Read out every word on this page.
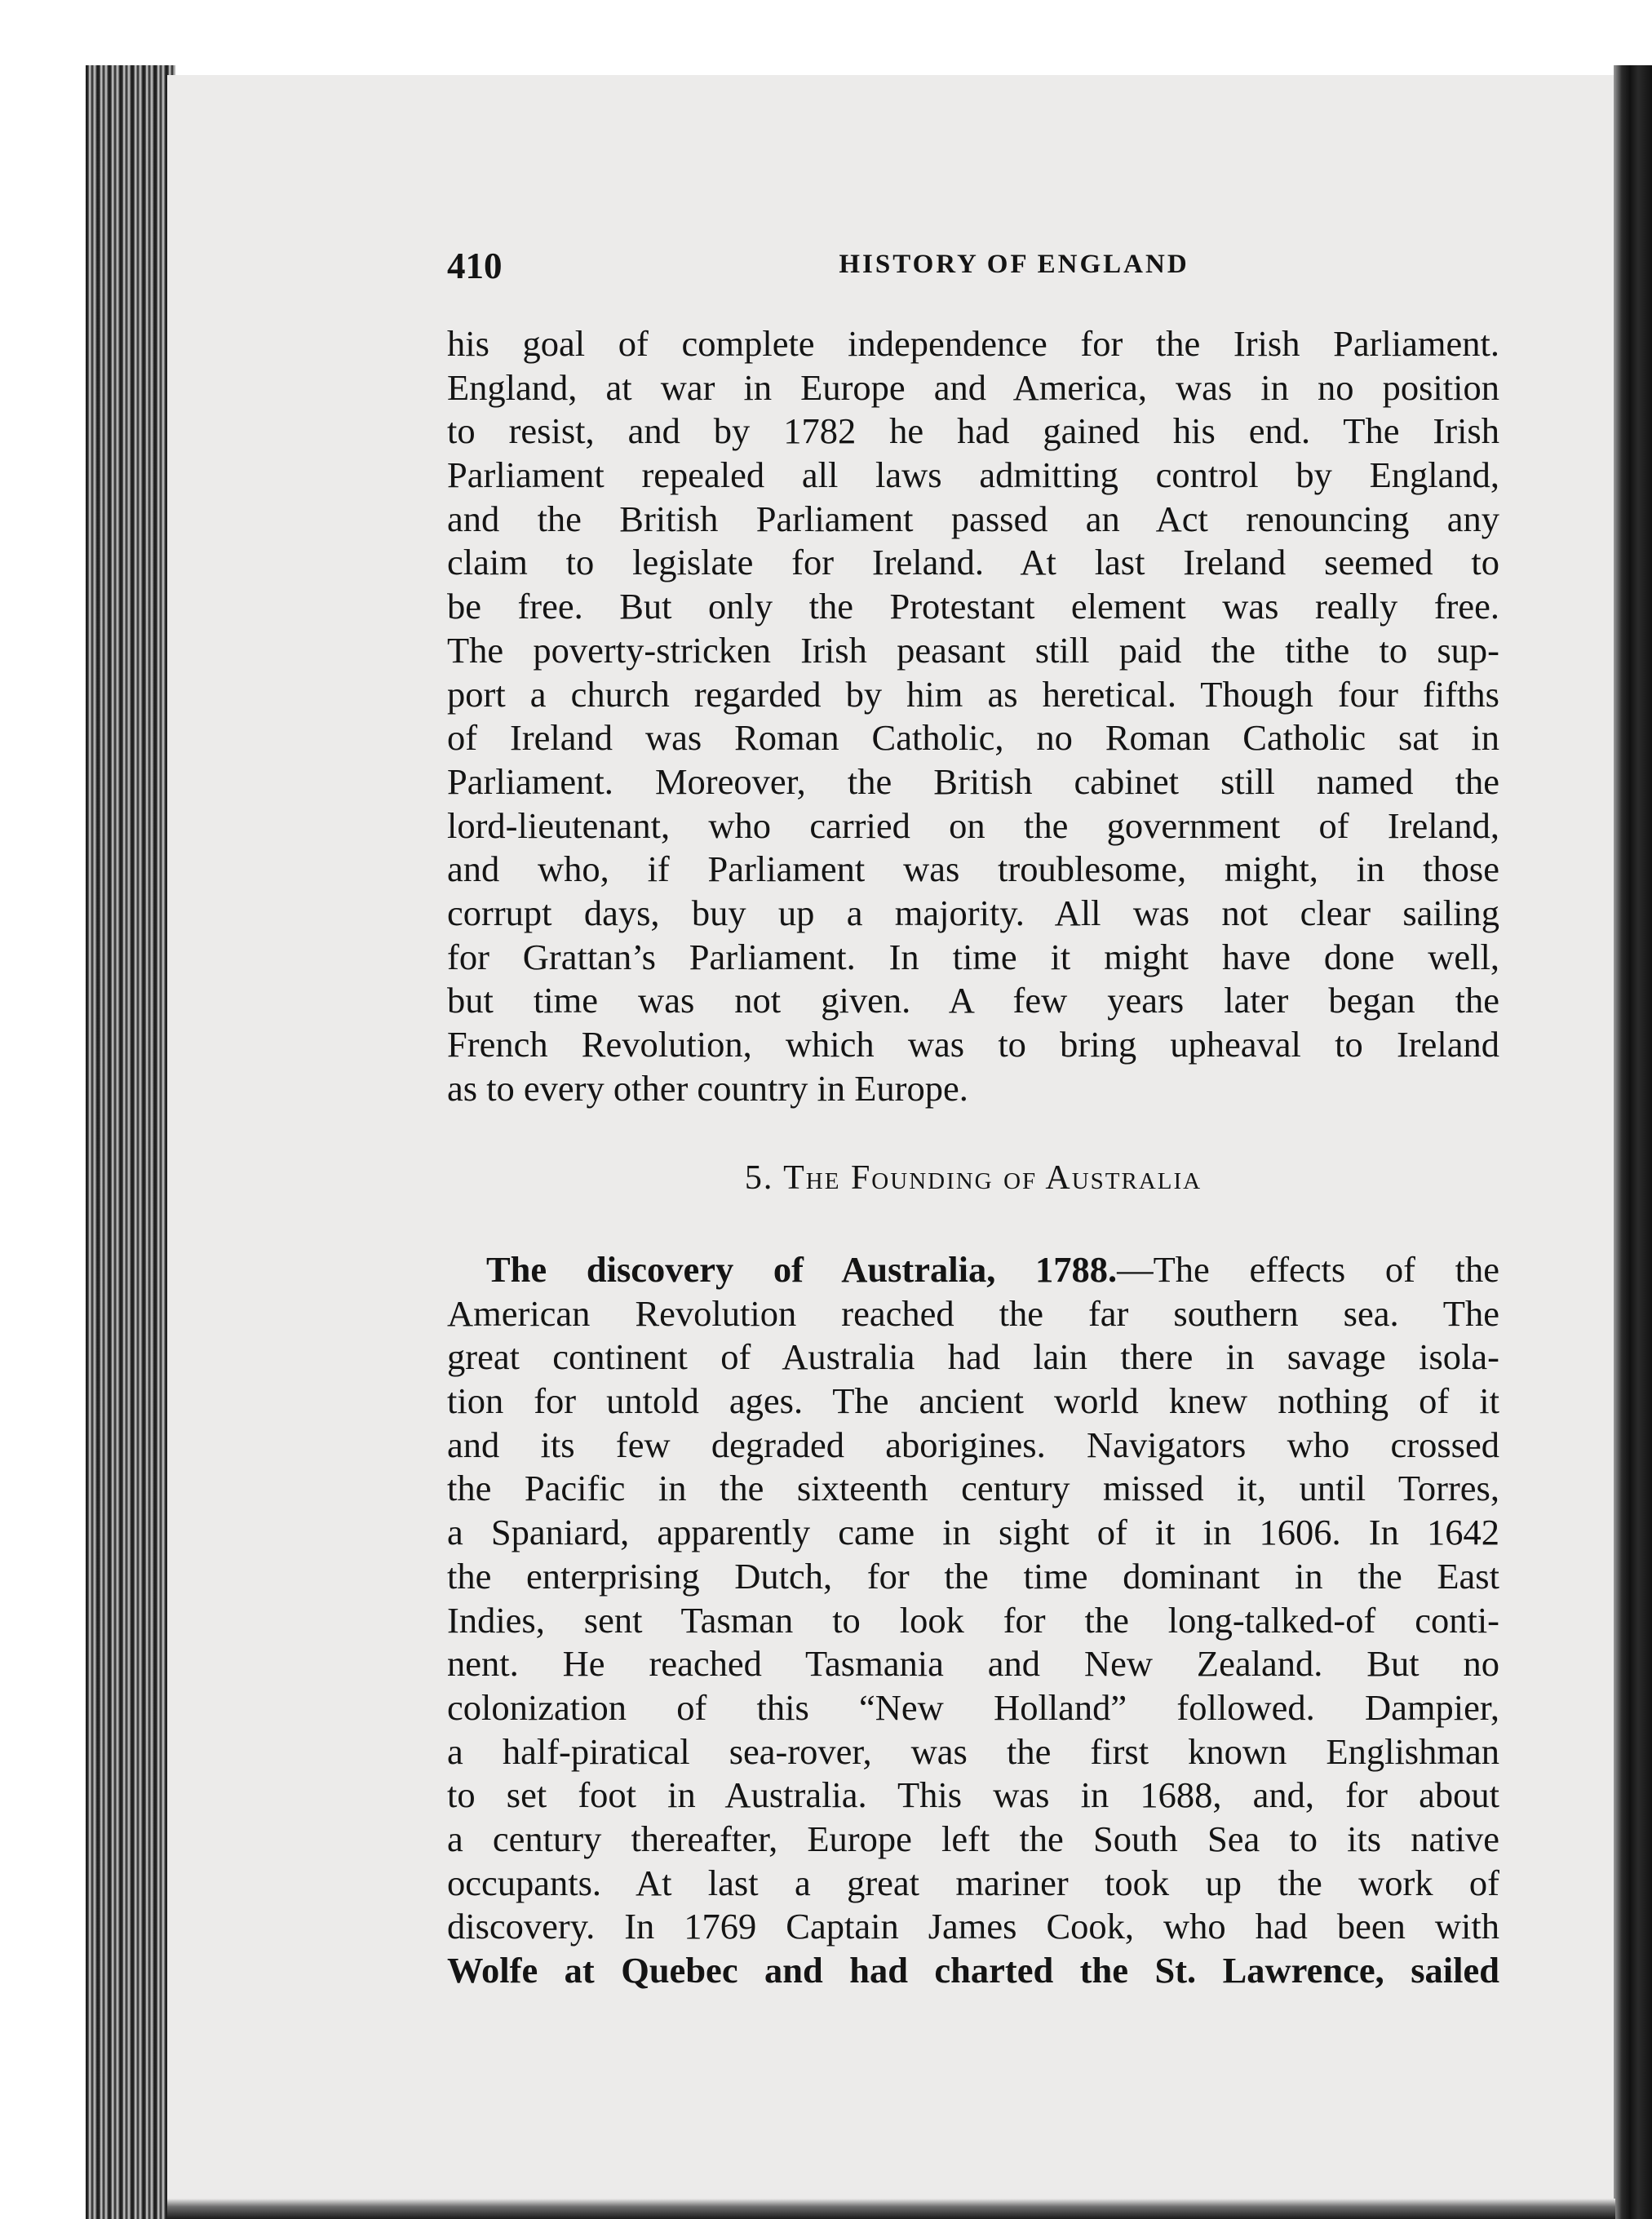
410	HISTORY OF ENGLAND
his goal of complete independence for the Irish Parliament.
England, at war in Europe and America, was in no position
to resist, and by 1782 he had gained his end. The Irish
Parliament repealed all laws admitting control by England,
and the British Parliament passed an Act renouncing any
claim to legislate for Ireland. At last Ireland seemed to
be free. But only the Protestant element was really free.
The poverty-stricken Irish peasant still paid the tithe to sup-
port a church regarded by him as heretical. Though four fifths
of Ireland was Roman Catholic, no Roman Catholic sat in
Parliament. Moreover, the British cabinet still named the
lord-lieutenant, who carried on the government of Ireland,
and who, if Parliament was troublesome, might, in those
corrupt days, buy up a majority. All was not clear sailing
for Grattan’s Parliament. In time it might have done well,
but time was not given. A few years later began the
French Revolution, which was to bring upheaval to Ireland
as to every other country in Europe.
5. The Founding of Australia
The discovery of Australia, 1788.—The effects of the
American Revolution reached the far southern sea. The
great continent of Australia had lain there in savage isola-
tion for untold ages. The ancient world knew nothing of it
and its few degraded aborigines. Navigators who crossed
the Pacific in the sixteenth century missed it, until Torres,
a Spaniard, apparently came in sight of it in 1606. In 1642
the enterprising Dutch, for the time dominant in the East
Indies, sent Tasman to look for the long-talked-of conti-
nent. He reached Tasmania and New Zealand. But no
colonization of this “New Holland” followed. Dampier,
a half-piratical sea-rover, was the first known Englishman
to set foot in Australia. This was in 1688, and, for about
a century thereafter, Europe left the South Sea to its native
occupants. At last a great mariner took up the work of
discovery. In 1769 Captain James Cook, who had been with
Wolfe at Quebec and had charted the St. Lawrence, sailed
